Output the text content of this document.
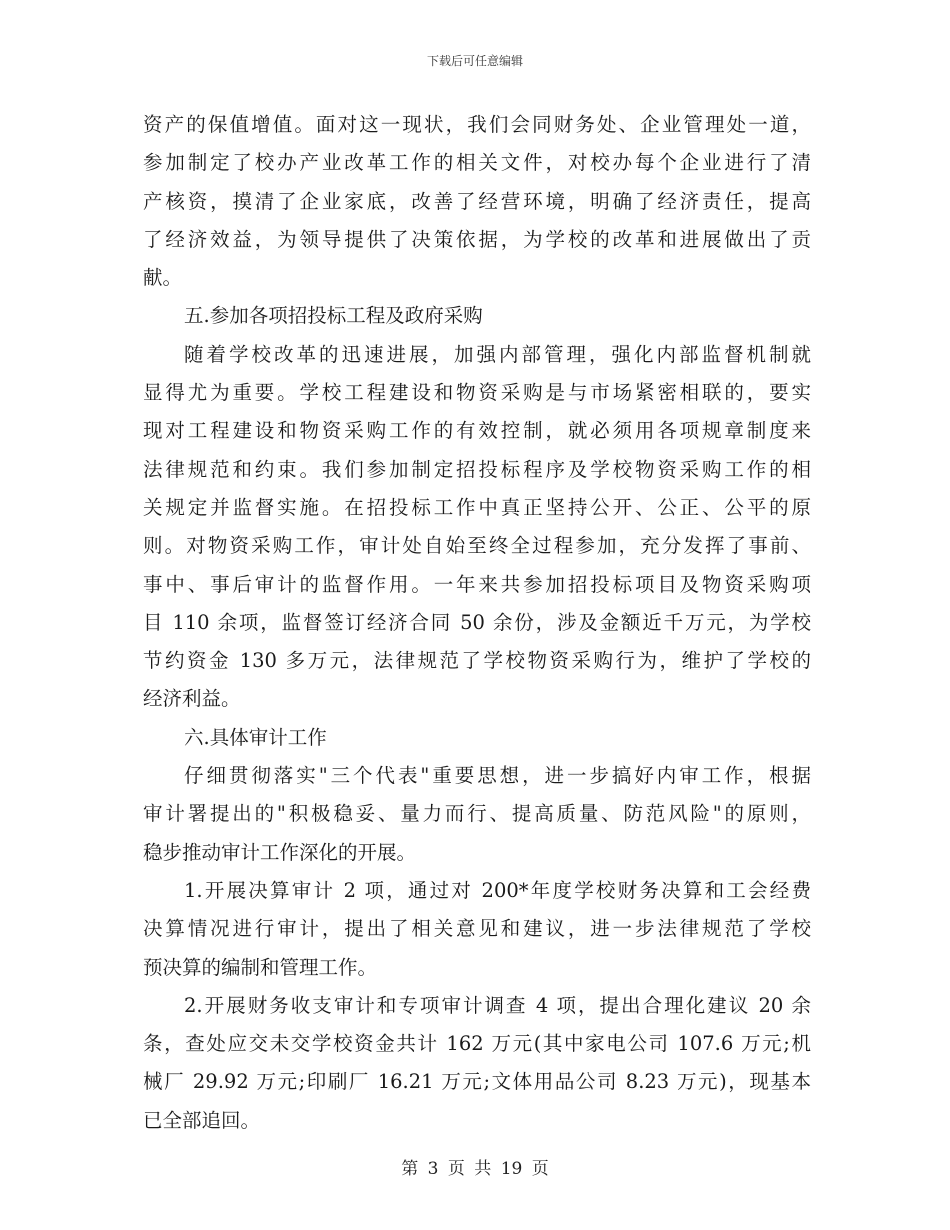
下载后可任意编辑
资产的保值增值。面对这一现状，我们会同财务处、企业管理处一道，
参加制定了校办产业改革工作的相关文件，对校办每个企业进行了清
产核资，摸清了企业家底，改善了经营环境，明确了经济责任，提高
了经济效益，为领导提供了决策依据，为学校的改革和进展做出了贡
献。
五.参加各项招投标工程及政府采购
随着学校改革的迅速进展，加强内部管理，强化内部监督机制就
显得尤为重要。学校工程建设和物资采购是与市场紧密相联的，要实
现对工程建设和物资采购工作的有效控制，就必须用各项规章制度来
法律规范和约束。我们参加制定招投标程序及学校物资采购工作的相
关规定并监督实施。在招投标工作中真正坚持公开、公正、公平的原
则。对物资采购工作，审计处自始至终全过程参加，充分发挥了事前、
事中、事后审计的监督作用。一年来共参加招投标项目及物资采购项
目 110 余项，监督签订经济合同 50 余份，涉及金额近千万元，为学校
节约资金 130 多万元，法律规范了学校物资采购行为，维护了学校的
经济利益。
六.具体审计工作
仔细贯彻落实"三个代表"重要思想，进一步搞好内审工作，根据
审计署提出的"积极稳妥、量力而行、提高质量、防范风险"的原则，
稳步推动审计工作深化的开展。
1.开展决算审计 2 项，通过对 200*年度学校财务决算和工会经费
决算情况进行审计，提出了相关意见和建议，进一步法律规范了学校
预决算的编制和管理工作。
2.开展财务收支审计和专项审计调查 4 项，提出合理化建议 20 余
条，查处应交未交学校资金共计 162 万元(其中家电公司 107.6 万元;机
械厂 29.92 万元;印刷厂 16.21 万元;文体用品公司 8.23 万元)，现基本
已全部追回。
第 3 页 共 19 页
